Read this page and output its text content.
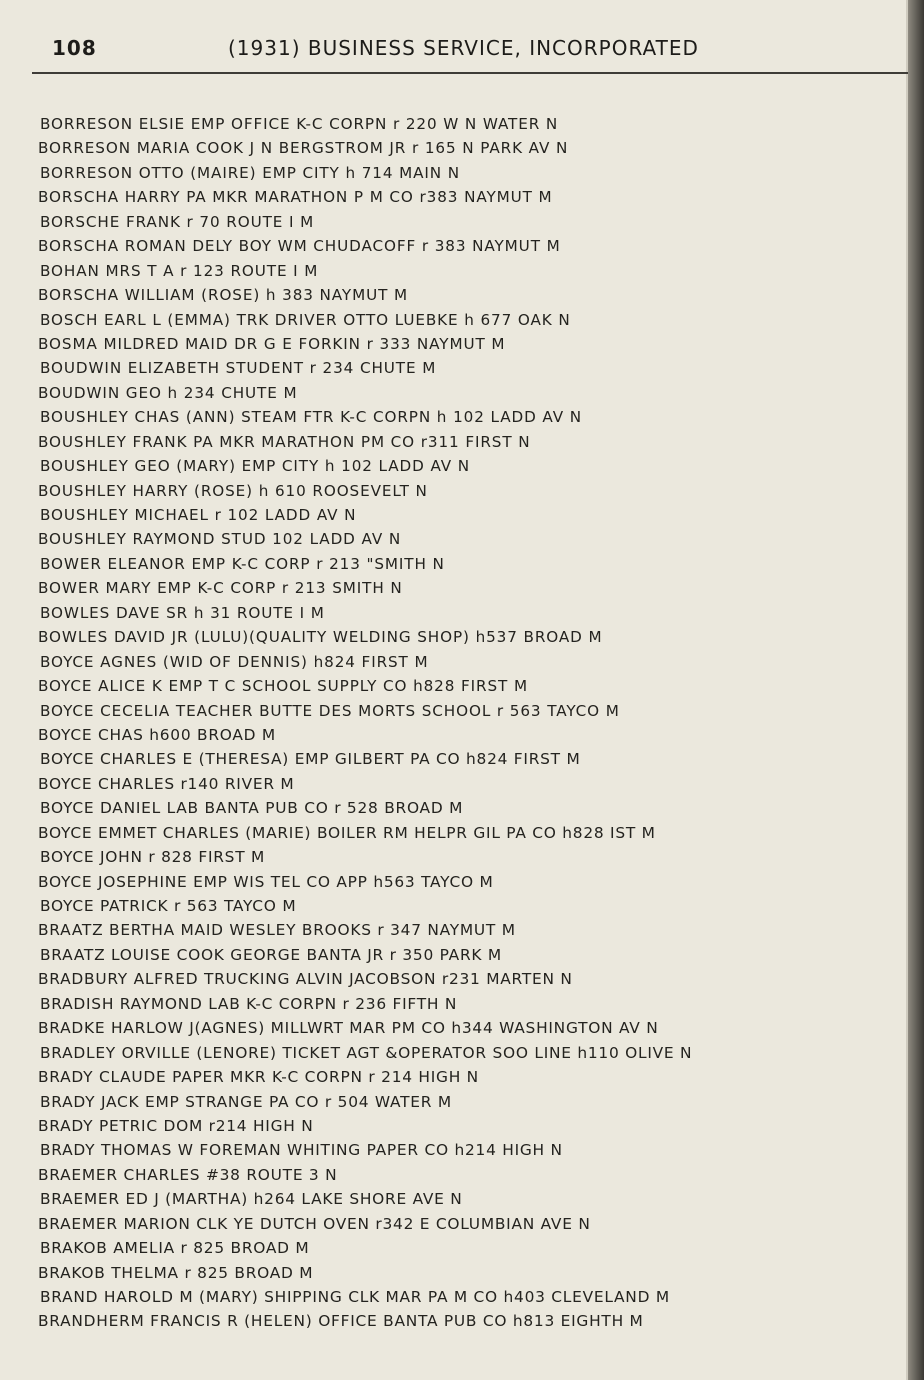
108	(1931) BUSINESS SERVICE, INCORPORATED
BORRESON ELSIE EMP OFFICE K-C CORPN r 220 W N WATER N
BORRESON MARIA COOK J N BERGSTROM JR r 165 N PARK AV N
BORRESON OTTO (MAIRE) EMP CITY h 714 MAIN N
BORSCHA HARRY PA MKR MARATHON P M CO r383 NAYMUT M
BORSCHE FRANK r 70 ROUTE I M
BORSCHA ROMAN DELY BOY WM CHUDACOFF r 383 NAYMUT M
BOHAN MRS T A r 123 ROUTE I M
BORSCHA WILLIAM (ROSE) h 383 NAYMUT M
BOSCH EARL L (EMMA) TRK DRIVER OTTO LUEBKE h 677 OAK N
BOSMA MILDRED MAID DR G E FORKIN r 333 NAYMUT M
BOUDWIN ELIZABETH STUDENT r 234 CHUTE M
BOUDWIN GEO h 234 CHUTE M
BOUSHLEY CHAS (ANN) STEAM FTR K-C CORPN h 102 LADD AV N
BOUSHLEY FRANK PA MKR MARATHON PM CO r311 FIRST N
BOUSHLEY GEO (MARY) EMP CITY h 102 LADD AV N
BOUSHLEY HARRY (ROSE) h 610 ROOSEVELT N
BOUSHLEY MICHAEL r 102 LADD AV N
BOUSHLEY RAYMOND STUD 102 LADD AV N
BOWER ELEANOR EMP K-C CORP r 213 "SMITH N
BOWER MARY EMP K-C CORP r 213 SMITH N
BOWLES DAVE SR h 31 ROUTE I M
BOWLES DAVID JR (LULU)(QUALITY WELDING SHOP) h537 BROAD M
BOYCE AGNES (WID OF DENNIS) h824 FIRST M
BOYCE ALICE K EMP T C SCHOOL SUPPLY CO h828 FIRST M
BOYCE CECELIA TEACHER BUTTE DES MORTS SCHOOL r 563 TAYCO M
BOYCE CHAS h600 BROAD M
BOYCE CHARLES E (THERESA) EMP GILBERT PA CO h824 FIRST M
BOYCE CHARLES r140 RIVER M
BOYCE DANIEL LAB BANTA PUB CO r 528 BROAD M
BOYCE EMMET CHARLES (MARIE) BOILER RM HELPR GIL PA CO h828 IST M
BOYCE JOHN r 828 FIRST M
BOYCE JOSEPHINE EMP WIS TEL CO APP h563 TAYCO M
BOYCE PATRICK r 563 TAYCO M
BRAATZ BERTHA MAID WESLEY BROOKS r 347 NAYMUT M
BRAATZ LOUISE COOK GEORGE BANTA JR r 350 PARK M
BRADBURY ALFRED TRUCKING ALVIN JACOBSON r231 MARTEN N
BRADISH RAYMOND LAB K-C CORPN r 236 FIFTH N
BRADKE HARLOW J(AGNES) MILLWRT MAR PM CO h344 WASHINGTON AV N
BRADLEY ORVILLE (LENORE) TICKET AGT &OPERATOR SOO LINE h110 OLIVE N
BRADY CLAUDE PAPER MKR K-C CORPN r 214 HIGH N
BRADY JACK EMP STRANGE PA CO r 504 WATER M
BRADY PETRIC DOM r214 HIGH N
BRADY THOMAS W FOREMAN WHITING PAPER CO h214 HIGH N
BRAEMER CHARLES #38 ROUTE 3 N
BRAEMER ED J (MARTHA) h264 LAKE SHORE AVE N
BRAEMER MARION CLK YE DUTCH OVEN r342 E COLUMBIAN AVE N
BRAKOB AMELIA r 825 BROAD M
BRAKOB THELMA r 825 BROAD M
BRAND HAROLD M (MARY) SHIPPING CLK MAR PA M CO h403 CLEVELAND M
BRANDHERM FRANCIS R (HELEN) OFFICE BANTA PUB CO h813 EIGHTH M
